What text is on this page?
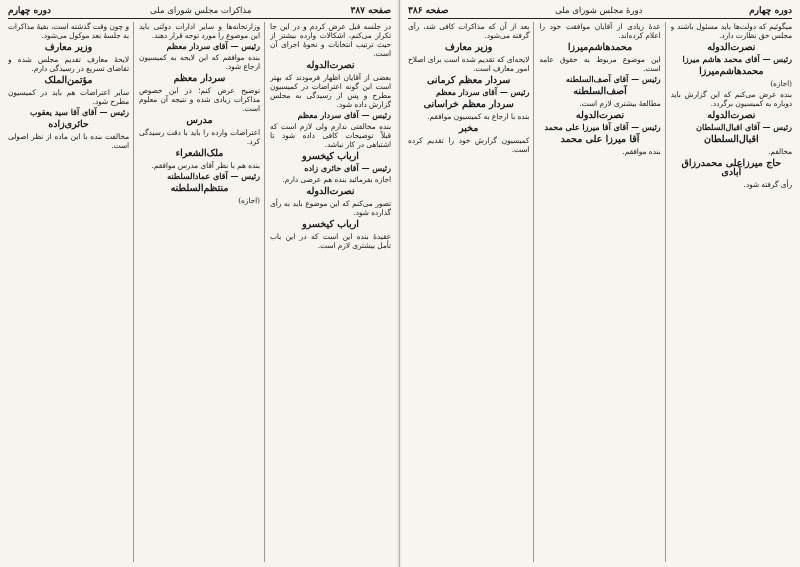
صفحه ۳۸۷
مذاکرات مجلس شورای ملی
دوره چهارم
در جلسه قبل عرض کردم و در این جا تکرار می‌کنم، اشکالات وارده بیشتر از حیث ترتیب انتخابات و نحوهٔ اجرای آن است.
نصرت‌الدوله
بعضی از آقایان اظهار فرمودند که بهتر است این گونه اعتراضات در کمیسیون مطرح و پس از رسیدگی به مجلس گزارش داده شود.
رئیس — آقای سردار معظم
بنده مخالفتی ندارم ولی لازم است که قبلاً توضیحات کافی داده شود تا اشتباهی در کار نباشد.
ارباب کیخسرو
رئیس — آقای حائری زاده
اجازه بفرمائید بنده هم عرضی دارم.
نصرت‌الدوله
تصور می‌کنم که این موضوع باید به رأی گذارده شود.
ارباب کیخسرو
عقیدهٔ بنده این است که در این باب تأمل بیشتری لازم است.
وزارتخانه‌ها و سایر ادارات دولتی باید این موضوع را مورد توجه قرار دهند.
رئیس — آقای سردار معظم
بنده موافقم که این لایحه به کمیسیون ارجاع شود.
سردار معظم
توضیح عرض کنم؛ در این خصوص مذاکرات زیادی شده و نتیجه آن معلوم است.
مدرس
اعتراضات وارده را باید با دقت رسیدگی کرد.
ملک‌الشعراء
بنده هم با نظر آقای مدرس موافقم.
رئیس — آقای عمادالسلطنه
منتظم‌السلطنه
(اجازه)
و چون وقت گذشته است، بقیهٔ مذاکرات به جلسهٔ بعد موکول می‌شود.
وزیر معارف
لایحهٔ معارف تقدیم مجلس شده و تقاضای تسریع در رسیدگی دارم.
مؤتمن‌الملک
سایر اعتراضات هم باید در کمیسیون مطرح شود.
رئیس — آقای آقا سید یعقوب
حائری‌زاده
مخالفت بنده با این ماده از نظر اصولی است.
دوره چهارم
دورهٔ مجلس شورای ملی
صفحه ۳۸۶
میگوئیم که دولت‌ها باید مسئول باشند و مجلس حق نظارت دارد.
نصرت‌الدوله
رئیس — آقای محمد هاشم میرزا
محمدهاشم‌میرزا
(اجازه)
بنده عرض می‌کنم که این گزارش باید دوباره به کمیسیون برگردد.
نصرت‌الدوله
رئیس — آقای اقبال‌السلطان
اقبال‌السلطان
مخالفم.
حاج میرزاعلی محمدرزاق آبادی
رأی گرفته شود.
عدهٔ زیادی از آقایان موافقت خود را اعلام کرده‌اند.
محمدهاشم‌میرزا
این موضوع مربوط به حقوق عامه است.
رئیس — آقای آصف‌السلطنه
آصف‌السلطنه
مطالعهٔ بیشتری لازم است.
نصرت‌الدوله
رئیس — آقای آقا میرزا علی محمد
آقا میرزا علی محمد
بنده موافقم.
بعد از آن که مذاکرات کافی شد، رأی گرفته می‌شود.
وزیر معارف
لایحه‌ای که تقدیم شده است برای اصلاح امور معارف است.
سردار معظم کرمانی
رئیس — آقای سردار معظم
سردار معظم خراسانی
بنده با ارجاع به کمیسیون موافقم.
مخبر
کمیسیون گزارش خود را تقدیم کرده است.
